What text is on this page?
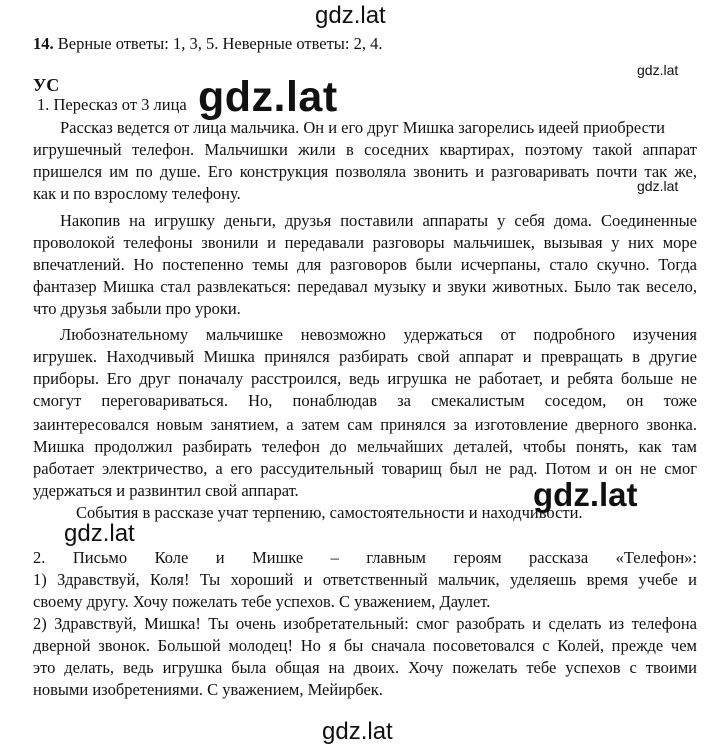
14. Верные ответы: 1, 3, 5. Неверные ответы: 2, 4.
УС
1. Пересказ от 3 лица
Рассказ ведется от лица мальчика. Он и его друг Мишка загорелись идеей приобрести
игрушечный телефон. Мальчишки жили в соседних квартирах, поэтому такой аппарат
пришелся им по душе. Его конструкция позволяла звонить и разговаривать почти так же,
как и по взрослому телефону.
Накопив на игрушку деньги, друзья поставили аппараты у себя дома. Соединенные
проволокой телефоны звонили и передавали разговоры мальчишек, вызывая у них море
впечатлений. Но постепенно темы для разговоров были исчерпаны, стало скучно. Тогда
фантазер Мишка стал развлекаться: передавал музыку и звуки животных. Было так весело,
что друзья забыли про уроки.
Любознательному мальчишке невозможно удержаться от подробного изучения
игрушек. Находчивый Мишка принялся разбирать свой аппарат и превращать в другие
приборы. Его друг поначалу расстроился, ведь игрушка не работает, и ребята больше не
смогут переговариваться. Но, понаблюдав за смекалистым соседом, он тоже
заинтересовался новым занятием, а затем сам принялся за изготовление дверного звонка.
Мишка продолжил разбирать телефон до мельчайших деталей, чтобы понять, как там
работает электричество, а его рассудительный товарищ был не рад. Потом и он не смог
удержаться и развинтил свой аппарат.
События в рассказе учат терпению, самостоятельности и находчивости.
2. Письмо Коле и Мишке – главным героям рассказа «Телефон»:
1) Здравствуй, Коля! Ты хороший и ответственный мальчик, уделяешь время учебе и
своему другу. Хочу пожелать тебе успехов. С уважением, Даулет.
2) Здравствуй, Мишка! Ты очень изобретательный: смог разобрать и сделать из телефона
дверной звонок. Большой молодец! Но я бы сначала посоветовался с Колей, прежде чем
это делать, ведь игрушка была общая на двоих. Хочу пожелать тебе успехов с твоими
новыми изобретениями. С уважением, Мейирбек.
gdz.lat
gdz.lat
gdz.lat
gdz.lat
gdz.lat
gdz.lat
gdz.lat
